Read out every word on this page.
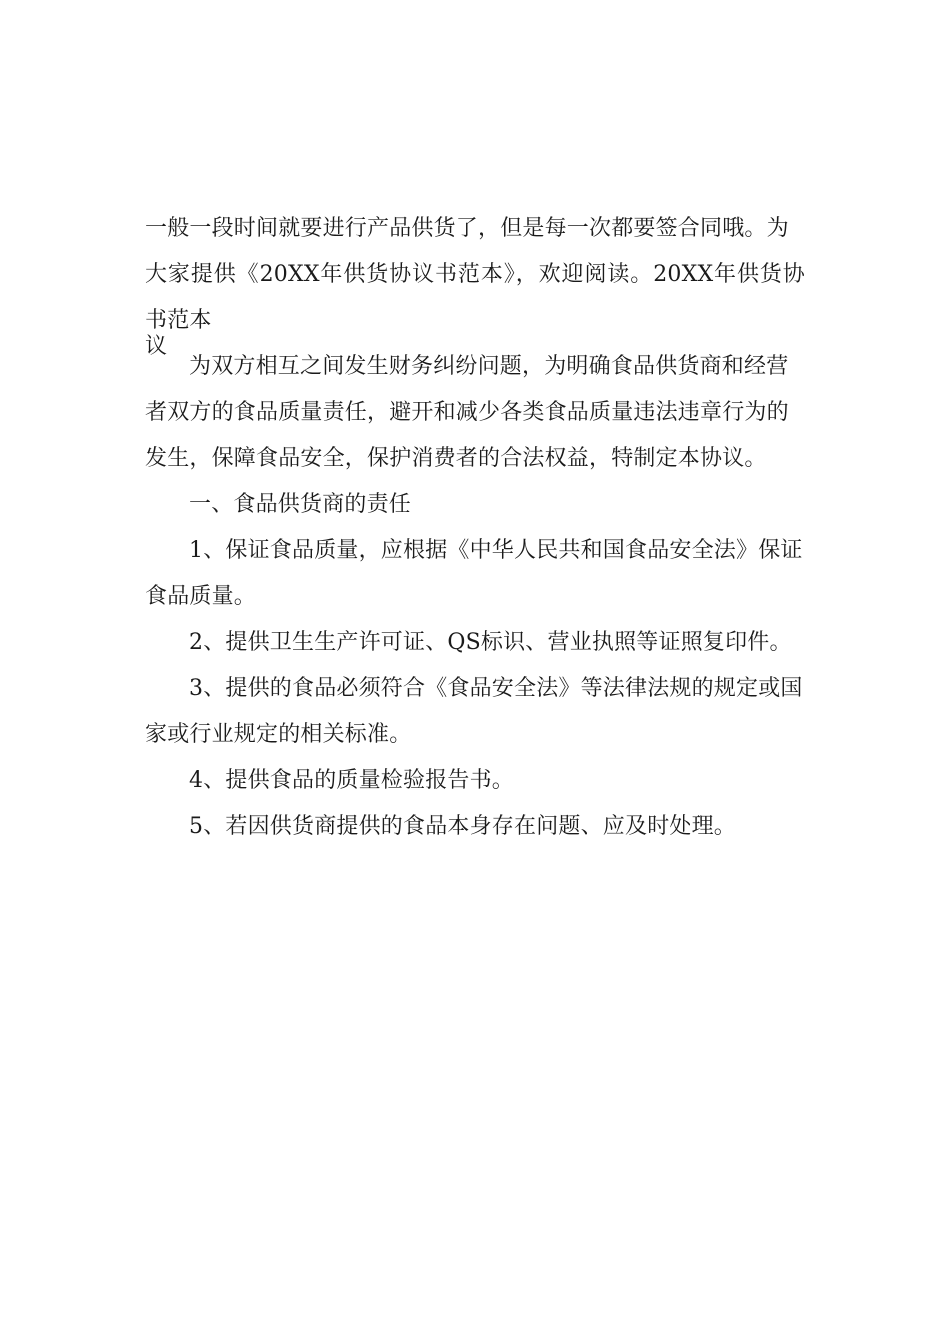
一般一段时间就要进行产品供货了，但是每一次都要签合同哦。为
大家提供《20XX年供货协议书范本》，欢迎阅读。20XX年供货协议
书范本

为双方相互之间发生财务纠纷问题，为明确食品供货商和经营
者双方的食品质量责任，避开和减少各类食品质量违法违章行为的
发生，保障食品安全，保护消费者的合法权益，特制定本协议。

一、食品供货商的责任

1、保证食品质量，应根据《中华人民共和国食品安全法》保证
食品质量。

2、提供卫生生产许可证、QS标识、营业执照等证照复印件。

3、提供的食品必须符合《食品安全法》等法律法规的规定或国
家或行业规定的相关标准。

4、提供食品的质量检验报告书。

5、若因供货商提供的食品本身存在问题、应及时处理。
